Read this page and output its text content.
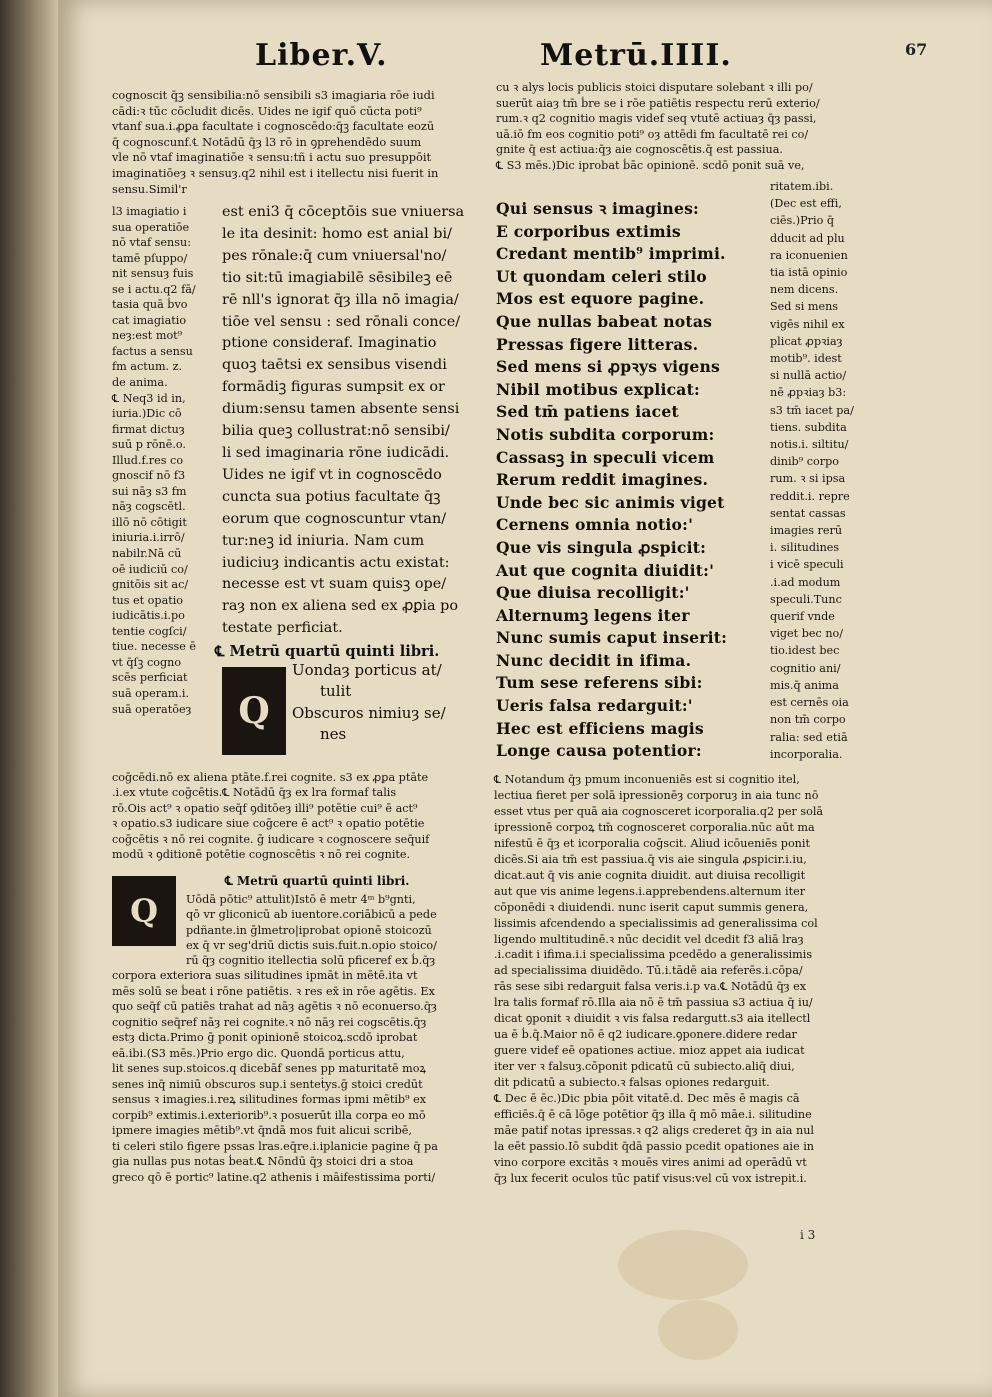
Liber.V.	Metrū.IIII.	67
cognoscit q̄ꝫ sensibilia:nō sensibili s3 imagiaria rōe iudi
cādi:ꝛ tūc cōcludit dicēs. Uides ne igif quō cūcta poti⁹
vtanf sua.i.ꝓꝑa facultate i cognoscēdo:q̄ꝫ facultate eozū
q̄ cognoscunf.℄ Notādū q̄ȝ l3 rō in ꝯprehendēdo suum
vle nō vtaf imaginatiōe ꝛ sensu:tñ i actu suo presuppōit
imaginatiōeȝ ꝛ sensuȝ.q2 nihil est i itellectu nisi fuerit in
sensu.Simil'r
l3 imagiatio i
sua operatiōe
nō vtaf sensu:
tamē pſuppo/
nit sensuȝ fuis
se i actu.q2 fā/
tasia quā ḃvo
cat imagiatio
neȝ:est mot⁹
factus a sensu
fm actum. z.
de anima.
℄ Neq3 id in,
iuria.)Dic cō
firmat dictuȝ
suū p rōnē.o.
Illud.f.res co
gnoscif nō f3
sui nāȝ s3 fm
nāȝ cogscētl.
illō nō cōtigit
iniuria.i.irrō/
nabilr.Nā cū
oē iudiciū co/
gnitōis sit ac/
tus et opatio
iudicātis.i.po
tentie cogſci/
tiue. necesse ē
vt q̄ſꝫ cogno
scēs perficiat
suā operam.i.
suā operatōeȝ
est eni3 q̄ cōceptōis sue vniuersa
le ita desinit: homo est anial bi/
pes rōnale:q̄ cum vniuersal'no/
tio sit:tū imagiabilē sēsibileꝫ eē
rē nll's ignorat q̄ȝ illa nō imagia/
tiōe vel sensu : sed rōnali conce/
ptione consideraf. Imaginatio
quoꝫ taētsi ex sensibus visendi
formādiꝫ figuras sumpsit ex or
dium:sensu tamen absente sensi
bilia queꝫ collustrat:nō sensibi/
li sed imaginaria rōne iudicādi.
Uides ne igif vt in cognoscēdo
cuncta sua potius facultate q̄ꝫ
eorum que cognoscuntur vtan/
tur:neꝫ id iniuria. Nam cum
iudiciuȝ indicantis actu existat:
necesse est vt suam quisꝫ ope/
raȝ non ex aliena sed ex ꝓꝑia po
testate perficiat.
℄ Metrū quartū quinti libri.
Q
Uondaȝ porticus at/
tulit
Obscuros nimiuȝ se/
nes
coḡcēdi.nō ex aliena ptāte.f.rei cognite. s3 ex ꝓꝑa ptāte
.i.ex vtute coḡcētis.℄ Notādū q̄ȝ ex lra formaf talis
rō.Ois act⁹ ꝛ opatio seq̄f ꝯditōeȝ illi⁹ potētie cui⁹ ē act⁹
ꝛ opatio.s3 iudicare siue coḡcere ē act⁹ ꝛ opatio potētie
coḡcētis ꝛ nō rei cognite. ḡ iudicare ꝛ cognoscere seq̄uif
modū ꝛ ꝯditionē potētie cognoscētis ꝛ nō rei cognite.
℄ Metrū quartū quinti libri.
Q	Uōdā pōtic⁹ attulit)Istō ē metr 4ᵐ b⁹gnti,
qō vr gliconicū ab iuentore.coriābicū a pede
pdñante.in ḡlmetro|iprobat opionē stoicozū
ex q̄ vr seg'driū dictis suis.fuit.n.opio stoico/
rū q̄ȝ cognitio itellectia solū pficeref ex ḃ.q̄ȝ
corpora exteriora suas silitudines ipmāt in mētē.ita vt
mēs solū se ḃeat i rōne patiētis. ꝛ res ex̄ in rōe agētis. Ex
quo seq̄f cū patiēs trahat ad nāȝ agētis ꝛ nō econuerso.q̄ȝ
cognitio seq̄ref nāȝ rei cognite.ꝛ nō nāȝ rei cogscētis.q̄ȝ
estȝ dicta.Primo ḡ ponit opinionē stoicoꝝ.scdō iprobat
eā.ibi.(S3 mēs.)Prio ergo dic. Quondā porticus attu,
lit senes sup.stoicos.q dicebāf senes pp maturitatē moꝝ
senes inq̄ nimiū obscuros sup.i senteṫys.ḡ stoici credūt
sensus ꝛ imagies.i.reꝝ silitudines formas ipmi mētib⁹ ex
corpib⁹ extimis.i.exteriorib⁹.ꝛ posuerūt illa corpa eo mō
ipmere imagies mētib⁹.vt q̄ndā mos fuit alicui scribē,
ti celeri stilo figere pssas lras.eq̄re.i.iplanicie pagine q̄ pa
gia nullas pus notas ḃeat.℄ Nōndū q̄ȝ stoici dri a stoa
greco qō ē portic⁹ latine.q2 athenis i māifestissima porti/
cu ꝛ alys locis publicis stoici disputare solebant ꝛ illi po/
suerūt aiaȝ tm̄ ḃre se i rōe patiētis respectu rerū exterio/
rum.ꝛ q2 cognitio magis videf seq vtutē actiuaȝ q̄ȝ passi,
uā.iō fm eos cognitio poti⁹ oȝ attēdi fm facultatē rei co/
gnite q̄ est actiua:q̄ȝ aie cognoscētis.q̄ est passiua.
℄ S3 mēs.)Dic iprobat ḃāc opinionē. scdō ponit suā ve,
Qui sensus ꝛ imagines:
E corporibus extimis
Credant mentib⁹ imprimi.
Ut quondam celeri stilo
Mos est equore pagine.
Que nullas babeat notas
Pressas figere litteras.
Sed mens si ꝓpꝛys vigens
Nibil motibus explicat:
Sed tm̄ patiens iacet
Notis subdita corporum:
Cassasꝫ in speculi vicem
Rerum reddit imagines.
Unde bec sic animis viget
Cernens omnia notio:'
Que vis singula ꝓspicit:
Aut que cognita diuidit:'
Que diuisa recolligit:'
Alternumꝫ legens iter
Nunc sumis caput inserit:
Nunc decidit in ifima.
Tum sese referens sibi:
Ueris falsa redarguit:'
Hec est efficiens magis
Longe causa potentior:
ritatem.ibi.
(Dec est effi,
ciēs.)Prio q̄
dducit ad plu
ra iconuenien
tia istā opinio
nem dicens.
Sed si mens
vigēs nihil ex
plicat ꝓpꝛiaȝ
motib⁹. idest
si nullā actio/
nē ꝓpꝛiaȝ b3:
s3 tm̄ iacet pa/
tiens. subdita
notis.i. siltitu/
dinib⁹ corpo
rum. ꝛ si ipsa
reddit.i. repre
sentat cassas
imagies rerū
i. silitudines
i vicē speculi
.i.ad modum
speculi.Tunc
querif vnde
viget bec no/
tio.idest bec
cognitio ani/
mis.q̄ anima
est cernēs oia
non tm̄ corpo
ralia: sed etiā
incorporalia.
℄ Notandum q̄ȝ pmum inconueniēs est si cognitio itel,
lectiua fieret per solā ipressionēȝ corporuȝ in aia tunc nō
esset vtus per quā aia cognosceret icorporalia.q2 per solā
ipressionē corpoꝝ tm̄ cognosceret corporalia.nūc aūt ma
nifestū ē q̄ȝ et icorporalia coḡscit. Aliud icōueniēs ponit
dicēs.Si aia tm̄ est passiua.q̄ vis aie singula ꝓspicir.i.iu,
dicat.aut q̄ vis anie cognita diuidit. aut diuisa recolligit
aut que vis anime legens.i.apprebendens.alternum iter
cōponēdi ꝛ diuidendi. nunc iserit caput summis genera,
lissimis afcendendo a specialissimis ad generalissima col
ligendo multitudinē.ꝛ nūc decidit vel dcedit f3 aliā lraȝ
.i.cadit i ifima.i.i specialissima pcedēdo a generalissimis
ad specialissima diuidēdo. Tū.i.tādē aia referēs.i.cōpa/
rās sese sibi redarguit falsa veris.i.p va.℄ Notādū q̄ȝ ex
lra talis formaf rō.Illa aia nō ē tm̄ passiua s3 actiua q̄ iu/
dicat ꝯponit ꝛ diuidit ꝛ vis falsa redargutt.s3 aia itellectl
ua ē ḃ.q̄.Maior nō ē q2 iudicare.ꝯponere.didere redar
guere videf eē opationes actiue. mioz appet aia iudicat
iter ver ꝛ falsuȝ.cōponit pdicatū cū subiecto.aliq̄ diui,
dit pdicatū a subiecto.ꝛ falsas opiones redarguit.
℄ Dec ē ēc.)Dic pbia pōit vitatē.d. Dec mēs ē magis cā
efficiēs.q̄ ē cā lōge potētior q̄ȝ illa q̄ mō māe.i. silitudine
māe patif notas ipressas.ꝛ q2 aligs crederet q̄ȝ in aia nul
la eēt passio.Iō subdit q̄dā passio pcedit opationes aie in
vino corpore excitās ꝛ mouēs vires animi ad operādū vt
q̄ȝ lux fecerit oculos tūc patif visus:vel cū vox istrepit.i.
i 3
